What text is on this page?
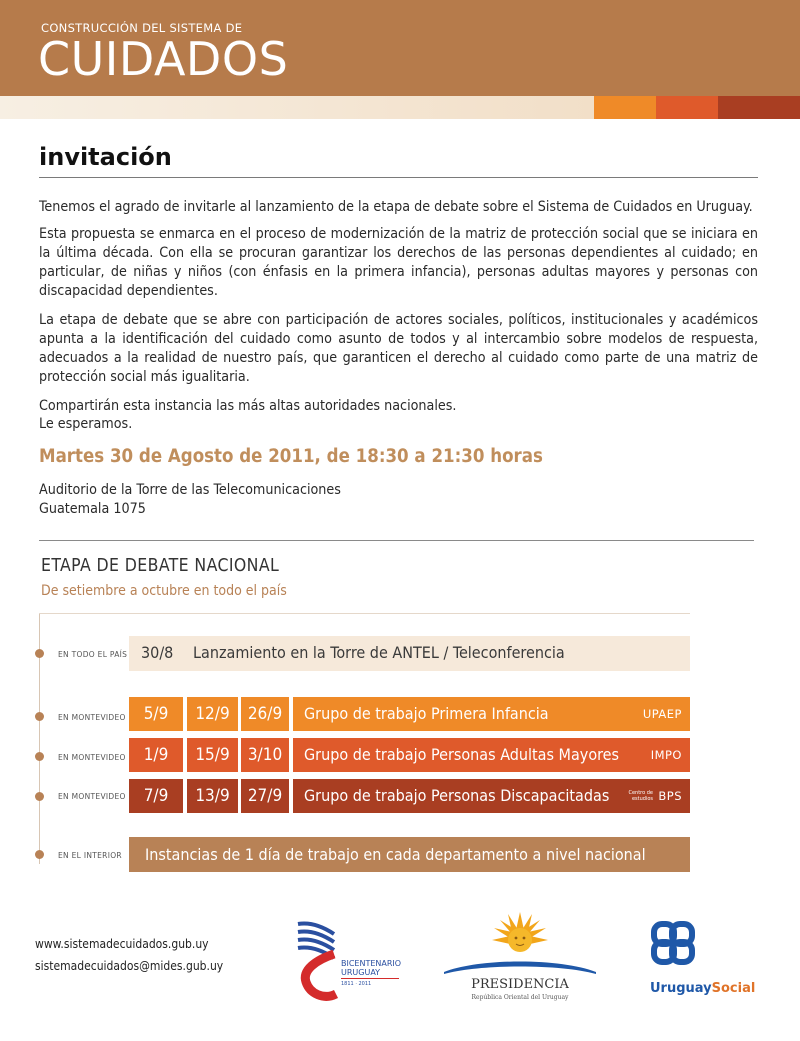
CONSTRUCCIÓN DEL SISTEMA DE
CUIDADOS
invitación
Tenemos el agrado de invitarle al lanzamiento de la etapa de debate sobre el Sistema de Cuidados en Uruguay.
Esta propuesta se enmarca en el proceso de modernización de la matriz de protección social que se iniciara en la última década. Con ella se procuran garantizar los derechos de las personas dependientes al cuidado; en particular, de niñas y niños (con énfasis en la primera infancia), personas adultas mayores y personas con discapacidad dependientes.
La etapa de debate que se abre con participación de actores sociales, políticos, institucionales y académicos apunta a la identificación del cuidado como asunto de todos y al intercambio sobre modelos de respuesta, adecuados a la realidad de nuestro país, que garanticen el derecho al cuidado como parte de una matriz de protección social más igualitaria.
Compartirán esta instancia las más altas autoridades nacionales.
Le esperamos.
Martes 30 de Agosto de 2011, de 18:30 a 21:30 horas
Auditorio de la Torre de las Telecomunicaciones
Guatemala 1075
ETAPA DE DEBATE NACIONAL
De setiembre a octubre en todo el país
EN TODO EL PAÍS 30/8 Lanzamiento en la Torre de ANTEL / Teleconferencia
EN MONTEVIDEO	5/9	12/9	26/9	Grupo de trabajo Primera Infancia	UPAEP
EN MONTEVIDEO	1/9	15/9	3/10	Grupo de trabajo Personas Adultas Mayores	IMPO
EN MONTEVIDEO	7/9	13/9	27/9	Grupo de trabajo Personas Discapacitadas	Centro de
estudios BPS
EN EL INTERIOR	Instancias de 1 día de trabajo en cada departamento a nivel nacional
www.sistemadecuidados.gub.uy
sistemadecuidados@mides.gub.uy	BICENTENARIO
URUGUAY
1811 · 2011	PRESIDENCIA
República Oriental del Uruguay
UruguaySocial
